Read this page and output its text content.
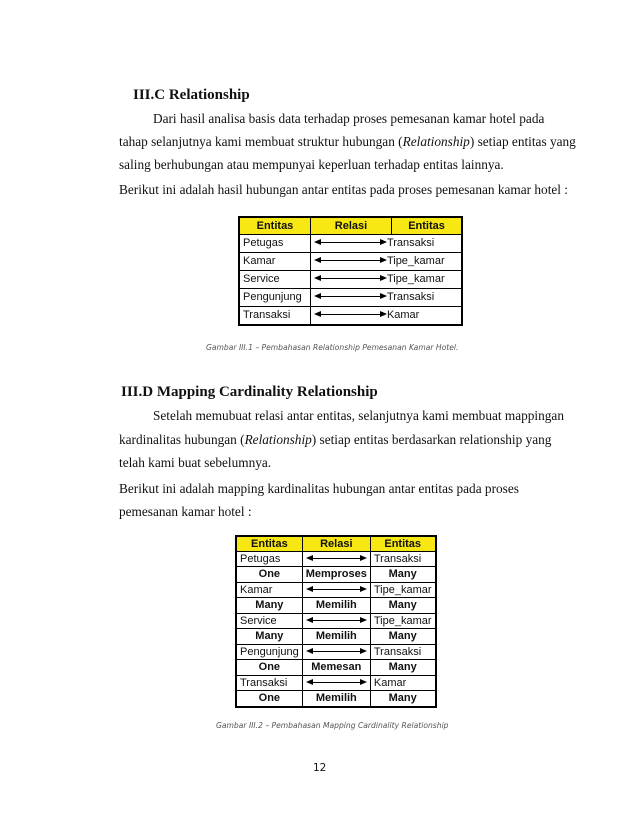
III.C Relationship
Dari hasil analisa basis data terhadap proses pemesanan kamar hotel pada
tahap selanjutnya kami membuat struktur hubungan (Relationship) setiap entitas yang
saling berhubungan atau mempunyai keperluan terhadap entitas lainnya.
Berikut ini adalah hasil hubungan antar entitas pada proses pemesanan kamar hotel :
Entitas	Relasi	Entitas
Petugas	Transaksi	

Kamar	Tipe_kamar	

Service	Tipe_kamar	

Pengunjung	Transaksi	

Transaksi	Kamar	
Gambar III.1 – Pembahasan Relationship Pemesanan Kamar Hotel.
III.D Mapping Cardinality Relationship
Setelah memubuat relasi antar entitas, selanjutnya kami membuat mappingan
kardinalitas hubungan (Relationship) setiap entitas berdasarkan relationship yang
telah kami buat sebelumnya.
Berikut ini adalah mapping kardinalitas hubungan antar entitas pada proses
pemesanan kamar hotel :
Entitas	Relasi	Entitas
Petugas		Transaksi
One	Memproses	Many
Kamar		Tipe_kamar
Many	Memilih	Many
Service		Tipe_kamar
Many	Memilih	Many
Pengunjung		Transaksi
One	Memesan	Many
Transaksi		Kamar
One	Memilih	Many
Gambar III.2 – Pembahasan Mapping Cardinality Relationship
12
